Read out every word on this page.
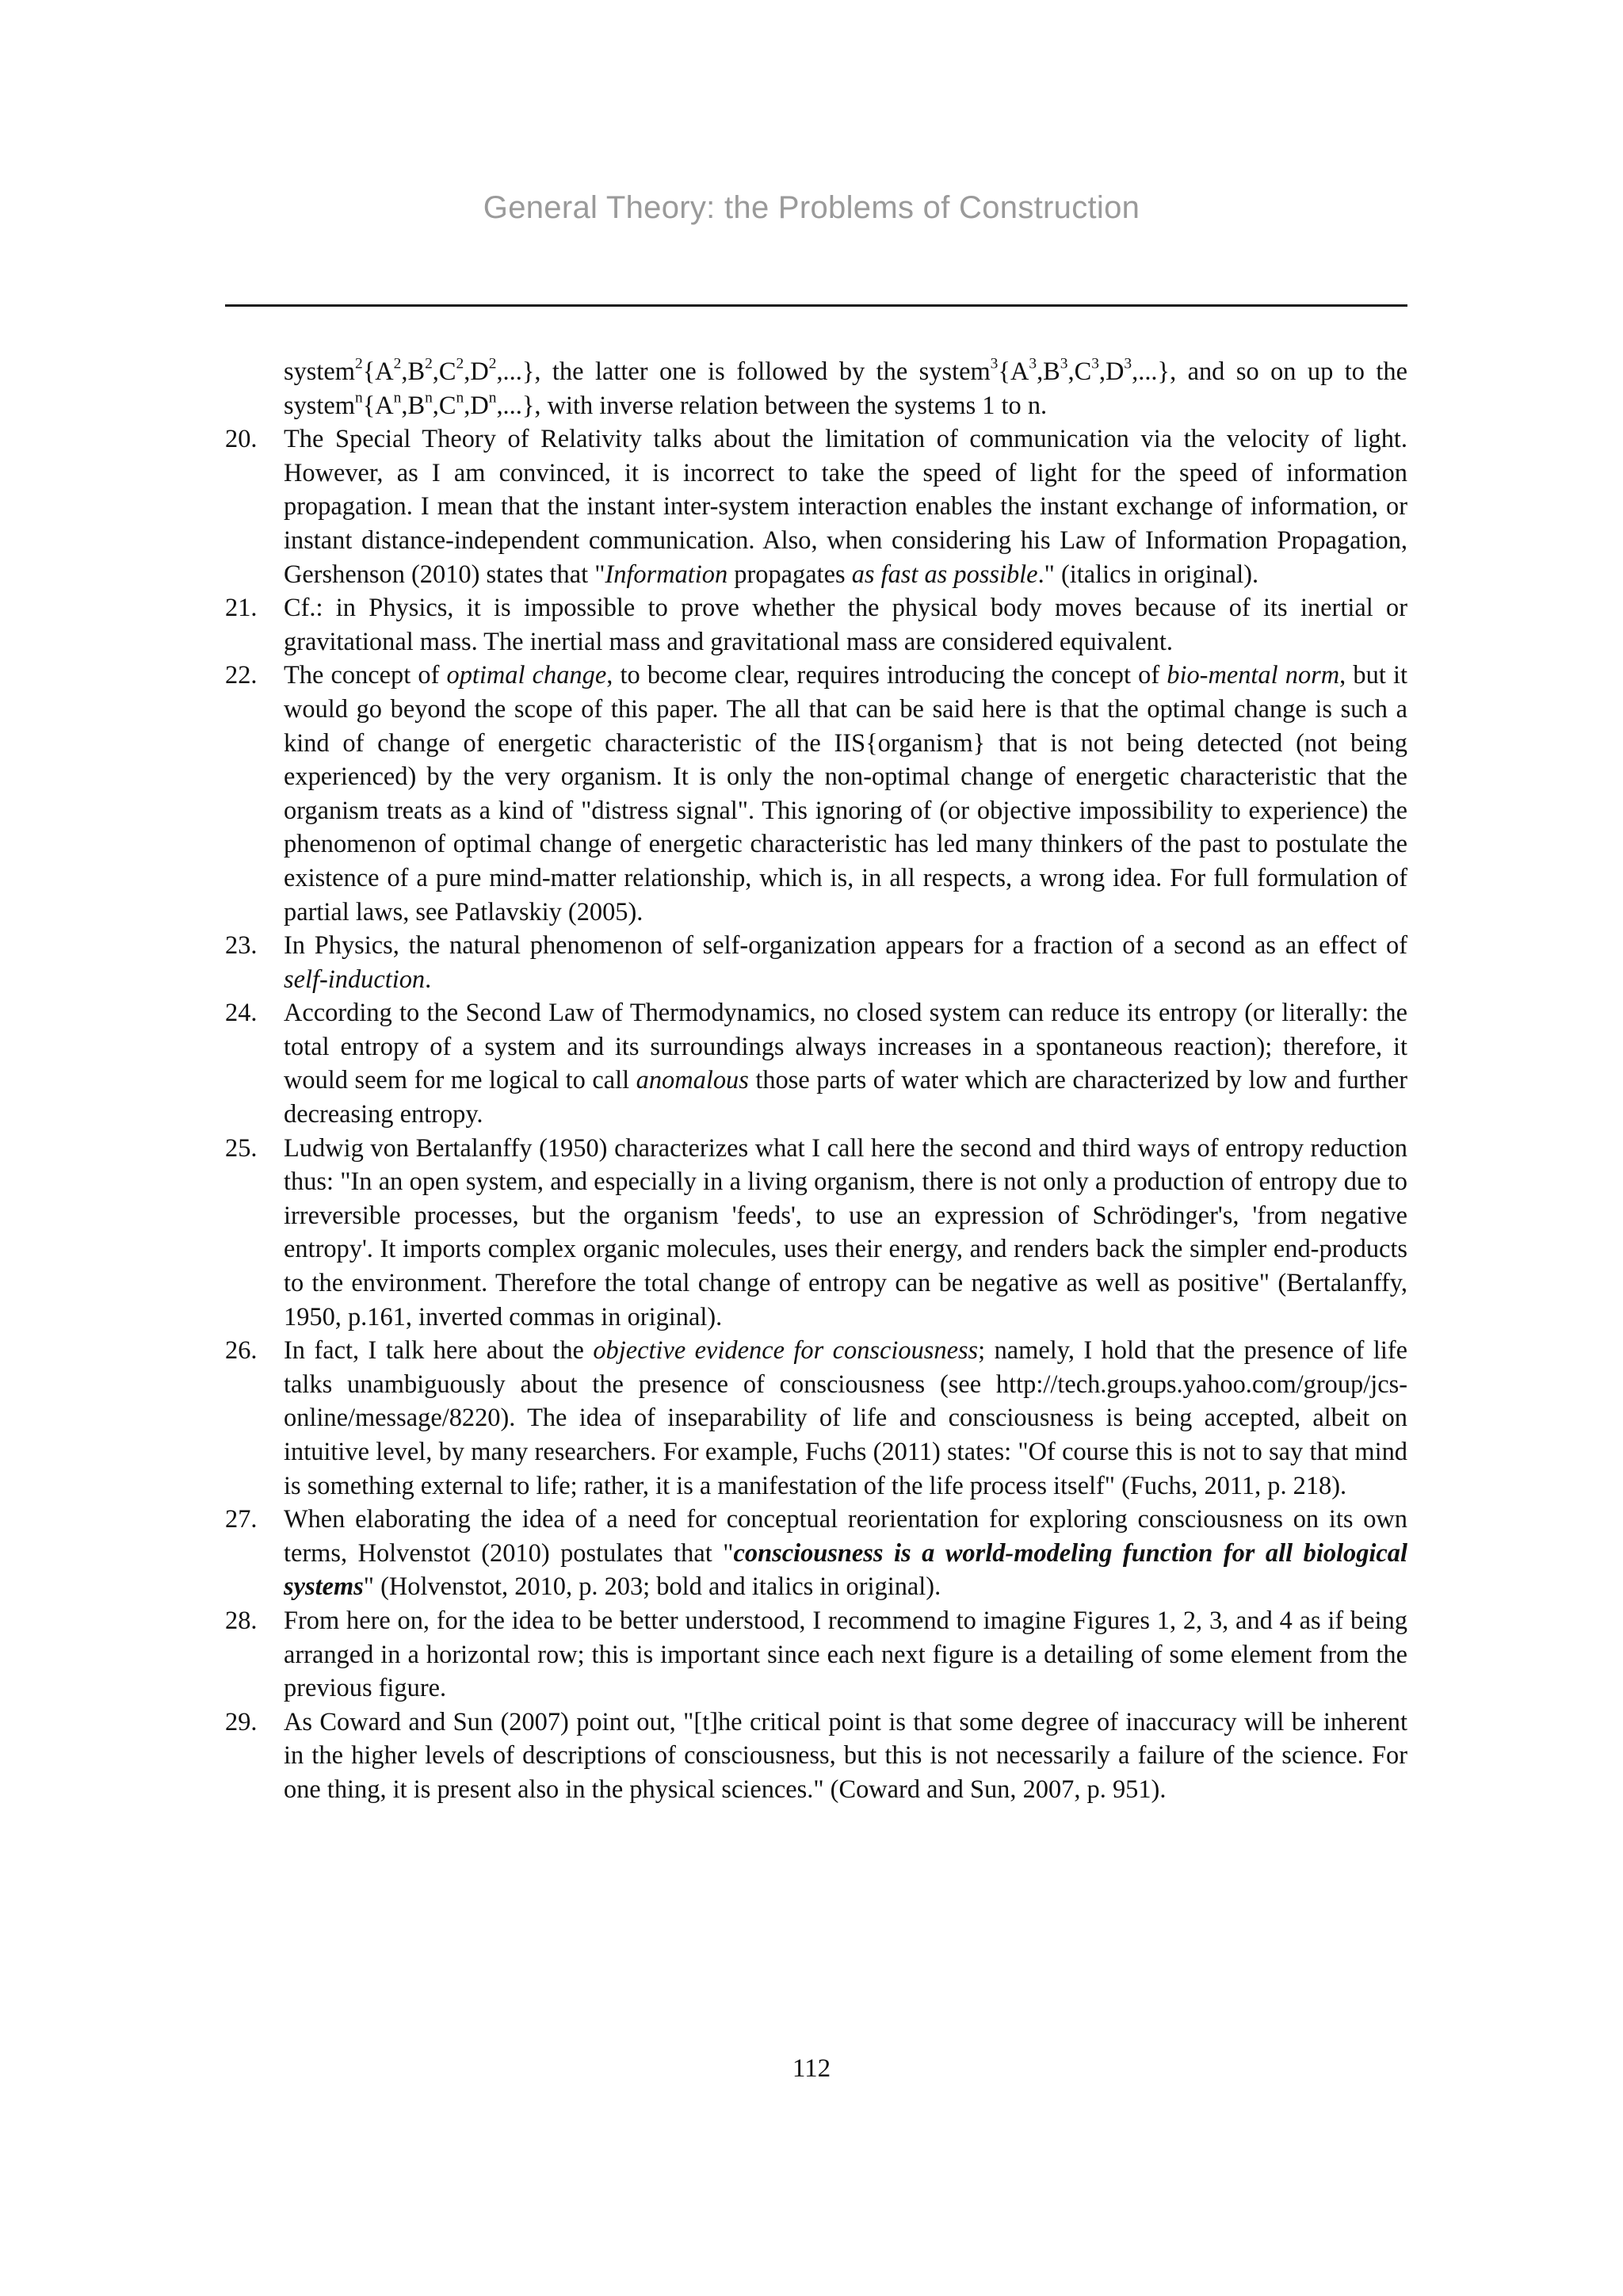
General Theory: the Problems of Construction
$system^2\{A^2,B^2,C^2,D^2,...\}$, the latter one is followed by the $system^3\{A^3,B^3,C^3,D^3,...\}$, and so on up to the $system^n\{A^n,B^n,C^n,D^n,...\}$, with inverse relation between the systems 1 to n.
20. The Special Theory of Relativity talks about the limitation of communication via the velocity of light. However, as I am convinced, it is incorrect to take the speed of light for the speed of information propagation. I mean that the instant inter-system interaction enables the instant exchange of information, or instant distance-independent communication. Also, when considering his Law of Information Propagation, Gershenson (2010) states that "Information propagates as fast as possible." (italics in original).
21. Cf.: in Physics, it is impossible to prove whether the physical body moves because of its inertial or gravitational mass. The inertial mass and gravitational mass are considered equivalent.
22. The concept of optimal change, to become clear, requires introducing the concept of bio-mental norm, but it would go beyond the scope of this paper. The all that can be said here is that the optimal change is such a kind of change of energetic characteristic of the IIS{organism} that is not being detected (not being experienced) by the very organism. It is only the non-optimal change of energetic characteristic that the organism treats as a kind of "distress signal". This ignoring of (or objective impossibility to experience) the phenomenon of optimal change of energetic characteristic has led many thinkers of the past to postulate the existence of a pure mind-matter relationship, which is, in all respects, a wrong idea. For full formulation of partial laws, see Patlavskiy (2005).
23. In Physics, the natural phenomenon of self-organization appears for a fraction of a second as an effect of self-induction.
24. According to the Second Law of Thermodynamics, no closed system can reduce its entropy (or literally: the total entropy of a system and its surroundings always increases in a spontaneous reaction); therefore, it would seem for me logical to call anomalous those parts of water which are characterized by low and further decreasing entropy.
25. Ludwig von Bertalanffy (1950) characterizes what I call here the second and third ways of entropy reduction thus: "In an open system, and especially in a living organism, there is not only a production of entropy due to irreversible processes, but the organism 'feeds', to use an expression of Schrödinger's, 'from negative entropy'. It imports complex organic molecules, uses their energy, and renders back the simpler end-products to the environment. Therefore the total change of entropy can be negative as well as positive" (Bertalanffy, 1950, p.161, inverted commas in original).
26. In fact, I talk here about the objective evidence for consciousness; namely, I hold that the presence of life talks unambiguously about the presence of consciousness (see http://tech.groups.yahoo.com/group/jcs-online/message/8220). The idea of inseparability of life and consciousness is being accepted, albeit on intuitive level, by many researchers. For example, Fuchs (2011) states: "Of course this is not to say that mind is something external to life; rather, it is a manifestation of the life process itself" (Fuchs, 2011, p. 218).
27. When elaborating the idea of a need for conceptual reorientation for exploring consciousness on its own terms, Holvenstot (2010) postulates that "consciousness is a world-modeling function for all biological systems" (Holvenstot, 2010, p. 203; bold and italics in original).
28. From here on, for the idea to be better understood, I recommend to imagine Figures 1, 2, 3, and 4 as if being arranged in a horizontal row; this is important since each next figure is a detailing of some element from the previous figure.
29. As Coward and Sun (2007) point out, "[t]he critical point is that some degree of inaccuracy will be inherent in the higher levels of descriptions of consciousness, but this is not necessarily a failure of the science. For one thing, it is present also in the physical sciences." (Coward and Sun, 2007, p. 951).
112
